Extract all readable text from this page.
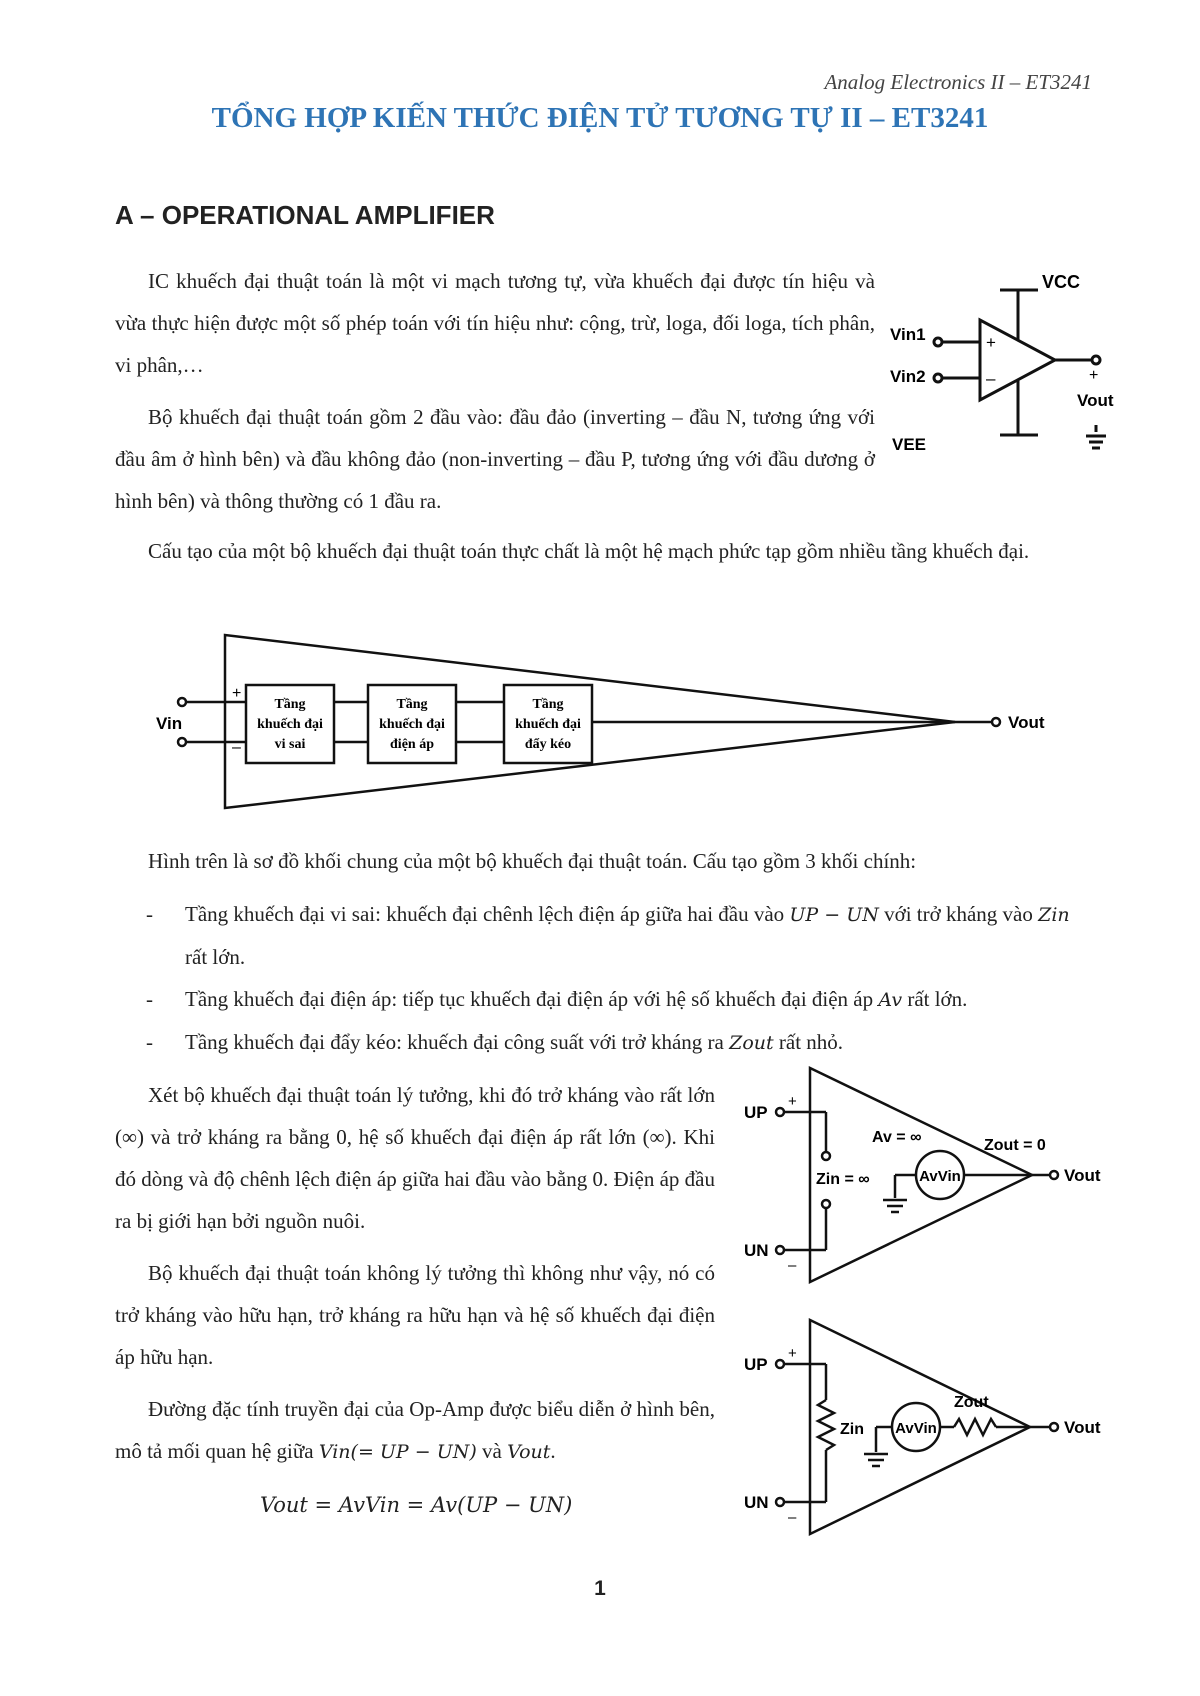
Analog Electronics II – ET3241
TỔNG HỢP KIẾN THỨC ĐIỆN TỬ TƯƠNG TỰ II – ET3241
A – OPERATIONAL AMPLIFIER

IC khuếch đại thuật toán là một vi mạch tương tự, vừa khuếch đại được tín hiệu và vừa thực hiện được một số phép toán với tín hiệu như: cộng, trừ, loga, đối loga, tích phân, vi phân,…

Bộ khuếch đại thuật toán gồm 2 đầu vào: đầu đảo (inverting – đầu N, tương ứng với đầu âm ở hình bên) và đầu không đảo (non-inverting – đầu P, tương ứng với đầu dương ở hình bên) và thông thường có 1 đầu ra.

VCC
Vin1
Vin2
+
–	+
Vout
VEE

Cấu tạo của một bộ khuếch đại thuật toán thực chất là một hệ mạch phức tạp gồm nhiều tầng khuếch đại.

Vin
+
–
Vout
Tầng
khuếch đại
vi sai
Tầng
khuếch đại
điện áp
Tầng
khuếch đại
đẩy kéo

Hình trên là sơ đồ khối chung của một bộ khuếch đại thuật toán. Cấu tạo gồm 3 khối chính:

- Tầng khuếch đại vi sai: khuếch đại chênh lệch điện áp giữa hai đầu vào UP − UN với trở kháng vào Zin rất lớn.
- Tầng khuếch đại điện áp: tiếp tục khuếch đại điện áp với hệ số khuếch đại điện áp Av rất lớn.
- Tầng khuếch đại đẩy kéo: khuếch đại công suất với trở kháng ra Zout rất nhỏ.

Xét bộ khuếch đại thuật toán lý tưởng, khi đó trở kháng vào rất lớn (∞) và trở kháng ra bằng 0, hệ số khuếch đại điện áp rất lớn (∞). Khi đó dòng và độ chênh lệch điện áp giữa hai đầu vào bằng 0. Điện áp đầu ra bị giới hạn bởi nguồn nuôi.

Bộ khuếch đại thuật toán không lý tưởng thì không như vậy, nó có trở kháng vào hữu hạn, trở kháng ra hữu hạn và hệ số khuếch đại điện áp hữu hạn.

Đường đặc tính truyền đại của Op-Amp được biểu diễn ở hình bên, mô tả mối quan hệ giữa Vin(= UP − UN) và Vout.

Vout = AvVin = Av(UP − UN)
UP
UN
+
–
Zin = ∞
Av = ∞	Zout = 0
AvVin	Vout
UP
UN
+
–
Zin
Zout
AvVin	Vout
1
